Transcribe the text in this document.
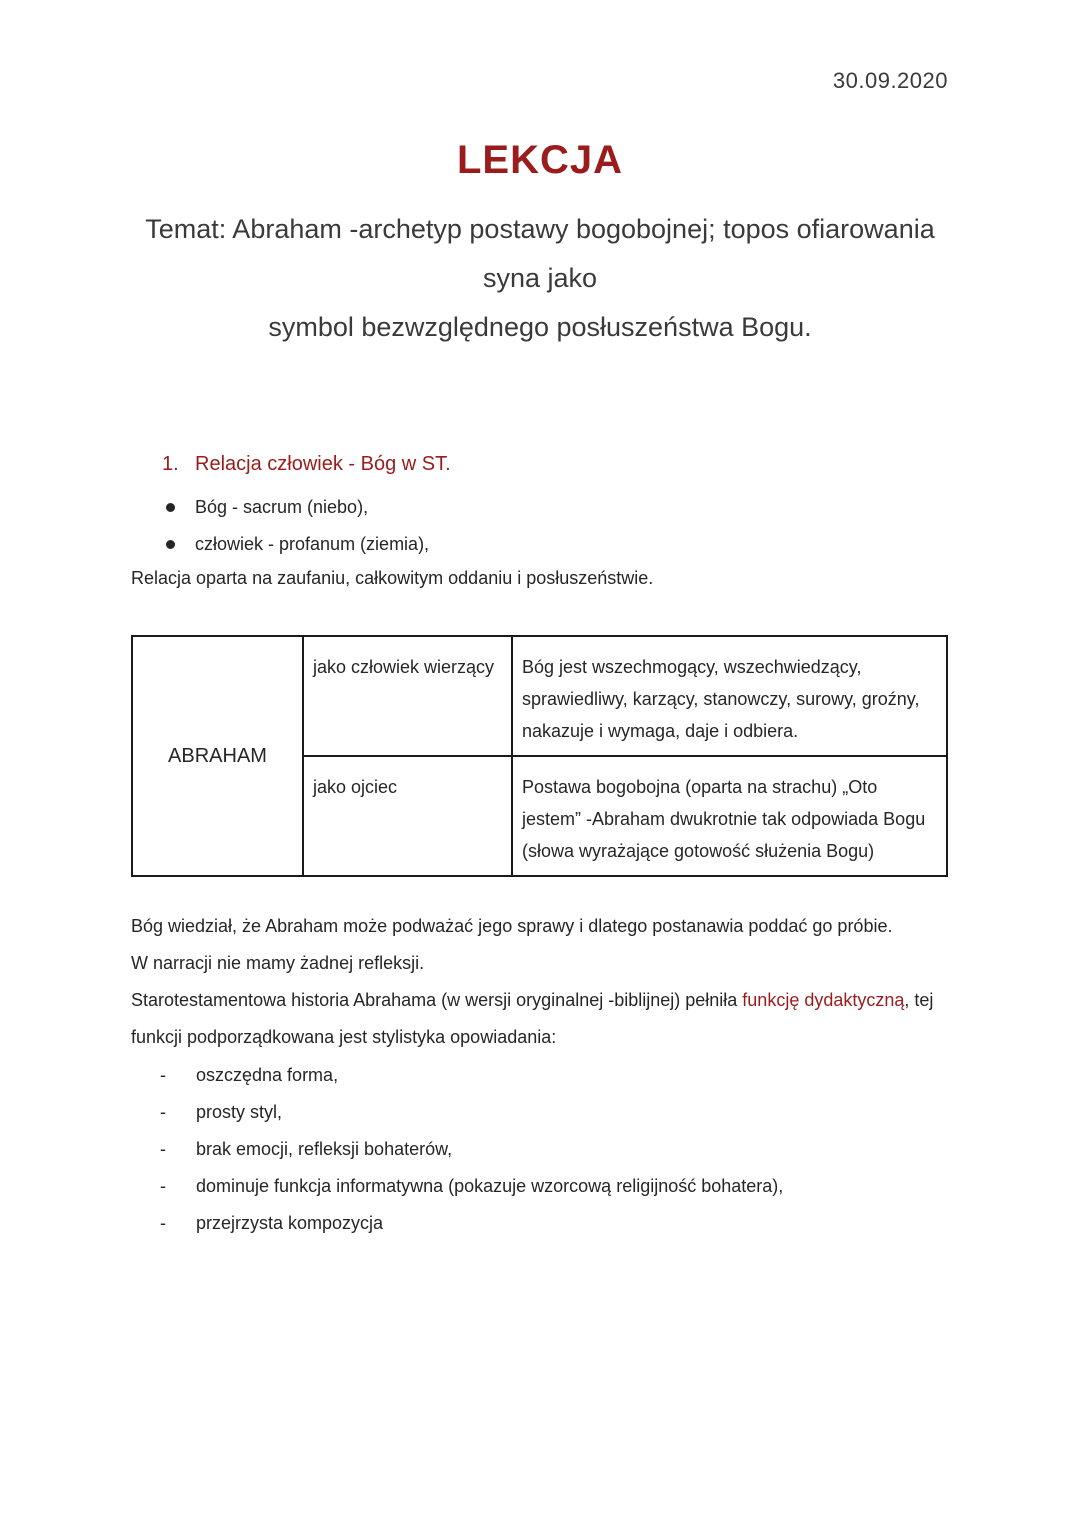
30.09.2020
LEKCJA
Temat: Abraham -archetyp postawy bogobojnej; topos ofiarowania syna jako
symbol bezwzględnego posłuszeństwa Bogu.
1. Relacja człowiek - Bóg w ST.
Bóg - sacrum (niebo),
człowiek - profanum (ziemia),
Relacja oparta na zaufaniu, całkowitym oddaniu i posłuszeństwie.
ABRAHAM	jako człowiek wierzący	Bóg jest wszechmogący, wszechwiedzący, sprawiedliwy, karzący, stanowczy, surowy, groźny, nakazuje i wymaga, daje i odbiera.
	jako ojciec	Postawa bogobojna (oparta na strachu) „Oto jestem” -Abraham dwukrotnie tak odpowiada Bogu (słowa wyrażające gotowość służenia Bogu)
Bóg wiedział, że Abraham może podważać jego sprawy i dlatego postanawia poddać go próbie.
W narracji nie mamy żadnej refleksji.
Starotestamentowa historia Abrahama (w wersji oryginalnej -biblijnej) pełniła funkcję dydaktyczną, tej funkcji podporządkowana jest stylistyka opowiadania:
- oszczędna forma,
- prosty styl,
- brak emocji, refleksji bohaterów,
- dominuje funkcja informatywna (pokazuje wzorcową religijność bohatera),
- przejrzysta kompozycja
